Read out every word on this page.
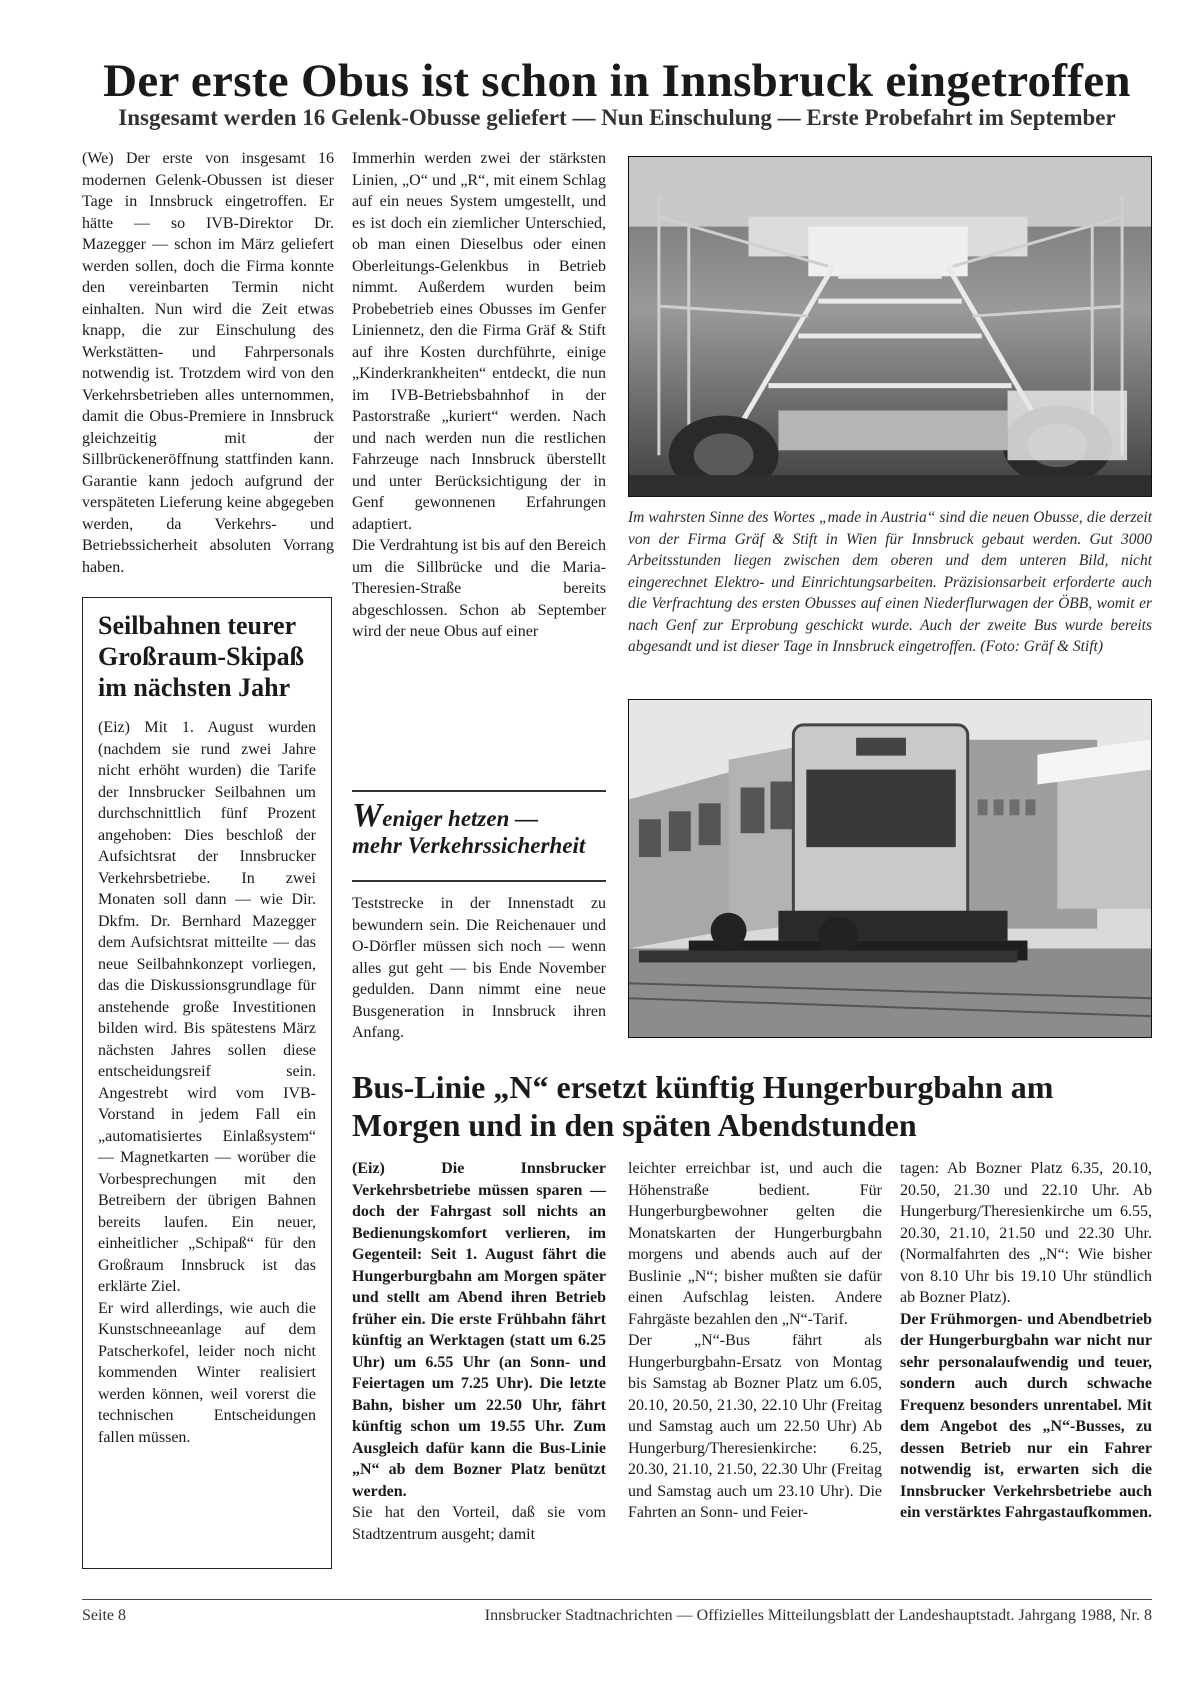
Der erste Obus ist schon in Innsbruck eingetroffen
Insgesamt werden 16 Gelenk-Obusse geliefert — Nun Einschulung — Erste Probefahrt im September

(We) Der erste von insgesamt 16 modernen Gelenk-Obussen ist dieser Tage in Innsbruck eingetroffen. Er hätte — so IVB-Direktor Dr. Mazegger — schon im März geliefert werden sollen, doch die Firma konnte den vereinbarten Termin nicht einhalten. Nun wird die Zeit etwas knapp, die zur Einschulung des Werkstätten- und Fahrpersonals notwendig ist. Trotzdem wird von den Verkehrsbetrieben alles unternommen, damit die Obus-Premiere in Innsbruck gleichzeitig mit der Sillbrückeneröffnung stattfinden kann. Garantie kann jedoch aufgrund der verspäteten Lieferung keine abgegeben werden, da Verkehrs- und Betriebssicherheit absoluten Vorrang haben.

Seilbahnen teurer Großraum-Skipaß im nächsten Jahr

(Eiz) Mit 1. August wurden (nachdem sie rund zwei Jahre nicht erhöht wurden) die Tarife der Innsbrucker Seilbahnen um durchschnittlich fünf Prozent angehoben: Dies beschloß der Aufsichtsrat der Innsbrucker Verkehrsbetriebe. In zwei Monaten soll dann — wie Dir. Dkfm. Dr. Bernhard Mazegger dem Aufsichtsrat mitteilte — das neue Seilbahnkonzept vorliegen, das die Diskussionsgrundlage für anstehende große Investitionen bilden wird. Bis spätestens März nächsten Jahres sollen diese entscheidungsreif sein. Angestrebt wird vom IVB-Vorstand in jedem Fall ein „automatisiertes Einlaßsystem“ — Magnetkarten — worüber die Vorbesprechungen mit den Betreibern der übrigen Bahnen bereits laufen. Ein neuer, einheitlicher „Schipaß“ für den Großraum Innsbruck ist das erklärte Ziel.

Er wird allerdings, wie auch die Kunstschneeanlage auf dem Patscherkofel, leider noch nicht kommenden Winter realisiert werden können, weil vorerst die technischen Entscheidungen fallen müssen.

Immerhin werden zwei der stärksten Linien, „O“ und „R“, mit einem Schlag auf ein neues System umgestellt, und es ist doch ein ziemlicher Unterschied, ob man einen Dieselbus oder einen Oberleitungs-Gelenkbus in Betrieb nimmt. Außerdem wurden beim Probebetrieb eines Obusses im Genfer Liniennetz, den die Firma Gräf & Stift auf ihre Kosten durchführte, einige „Kinderkrankheiten“ entdeckt, die nun im IVB-Betriebsbahnhof in der Pastorstraße „kuriert“ werden. Nach und nach werden nun die restlichen Fahrzeuge nach Innsbruck überstellt und unter Berücksichtigung der in Genf gewonnenen Erfahrungen adaptiert.

Die Verdrahtung ist bis auf den Bereich um die Sillbrücke und die Maria-Theresien-Straße bereits abgeschlossen. Schon ab September wird der neue Obus auf einer

Weniger hetzen —
mehr Verkehrssicherheit

Teststrecke in der Innenstadt zu bewundern sein. Die Reichenauer und O-Dörfler müssen sich noch — wenn alles gut geht — bis Ende November gedulden. Dann nimmt eine neue Busgeneration in Innsbruck ihren Anfang.

Im wahrsten Sinne des Wortes „made in Austria“ sind die neuen Obusse, die derzeit von der Firma Gräf & Stift in Wien für Innsbruck gebaut werden. Gut 3000 Arbeitsstunden liegen zwischen dem oberen und dem unteren Bild, nicht eingerechnet Elektro- und Einrichtungsarbeiten. Präzisionsarbeit erforderte auch die Verfrachtung des ersten Obusses auf einen Niederflurwagen der ÖBB, womit er nach Genf zur Erprobung geschickt wurde. Auch der zweite Bus wurde bereits abgesandt und ist dieser Tage in Innsbruck eingetroffen. (Foto: Gräf & Stift)

Bus-Linie „N“ ersetzt künftig Hungerburgbahn am Morgen und in den späten Abendstunden

(Eiz) Die Innsbrucker Verkehrsbetriebe müssen sparen — doch der Fahrgast soll nichts an Bedienungskomfort verlieren, im Gegenteil: Seit 1. August fährt die Hungerburgbahn am Morgen später und stellt am Abend ihren Betrieb früher ein. Die erste Frühbahn fährt künftig an Werktagen (statt um 6.25 Uhr) um 6.55 Uhr (an Sonn- und Feiertagen um 7.25 Uhr). Die letzte Bahn, bisher um 22.50 Uhr, fährt künftig schon um 19.55 Uhr. Zum Ausgleich dafür kann die Bus-Linie „N“ ab dem Bozner Platz benützt werden.

Sie hat den Vorteil, daß sie vom Stadtzentrum ausgeht; damit

leichter erreichbar ist, und auch die Höhenstraße bedient. Für Hungerburgbewohner gelten die Monatskarten der Hungerburgbahn morgens und abends auch auf der Buslinie „N“; bisher mußten sie dafür einen Aufschlag leisten. Andere Fahrgäste bezahlen den „N“-Tarif.

Der „N“-Bus fährt als Hungerburgbahn-Ersatz von Montag bis Samstag ab Bozner Platz um 6.05, 20.10, 20.50, 21.30, 22.10 Uhr (Freitag und Samstag auch um 22.50 Uhr) Ab Hungerburg/Theresienkirche: 6.25, 20.30, 21.10, 21.50, 22.30 Uhr (Freitag und Samstag auch um 23.10 Uhr). Die Fahrten an Sonn- und Feier-

tagen: Ab Bozner Platz 6.35, 20.10, 20.50, 21.30 und 22.10 Uhr. Ab Hungerburg/Theresienkirche um 6.55, 20.30, 21.10, 21.50 und 22.30 Uhr. (Normalfahrten des „N“: Wie bisher von 8.10 Uhr bis 19.10 Uhr stündlich ab Bozner Platz).

Der Frühmorgen- und Abendbetrieb der Hungerburgbahn war nicht nur sehr personalaufwendig und teuer, sondern auch durch schwache Frequenz besonders unrentabel. Mit dem Angebot des „N“-Busses, zu dessen Betrieb nur ein Fahrer notwendig ist, erwarten sich die Innsbrucker Verkehrsbetriebe auch ein verstärktes Fahrgastaufkommen.

Seite 8	Innsbrucker Stadtnachrichten — Offizielles Mitteilungsblatt der Landeshauptstadt. Jahrgang 1988, Nr. 8
